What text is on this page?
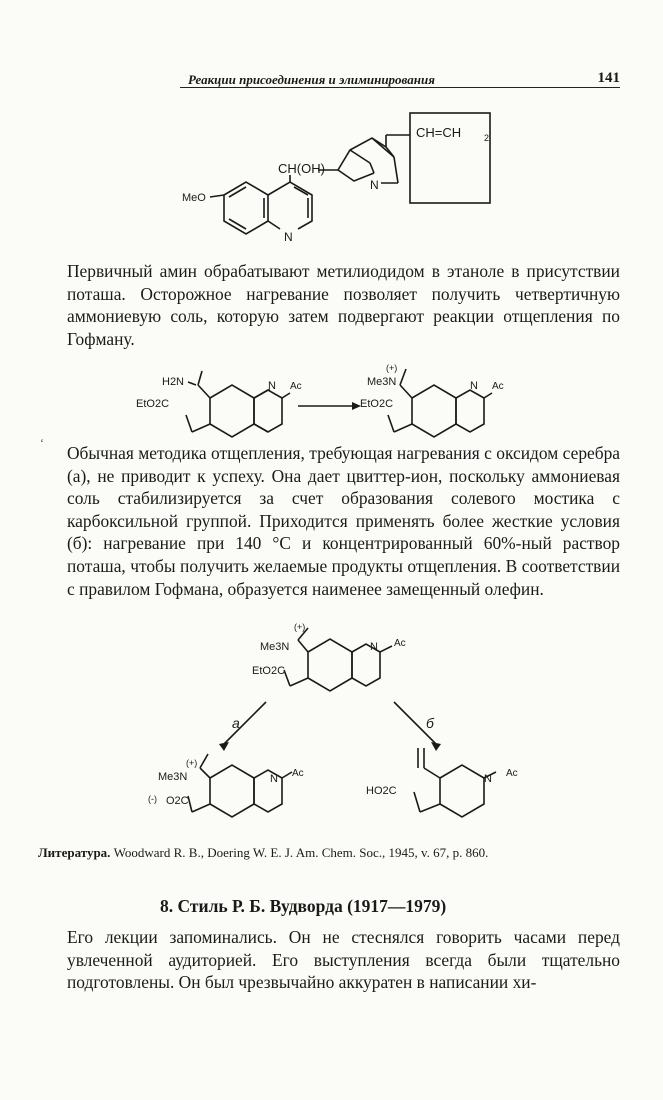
Реакции присоединения и элиминирования	141
CH=CH	2
CH(OH)
MeO
N
N

Первичный амин обрабатывают метилиодидом в этаноле в присутствии поташа. Осторожное нагревание позволяет получить четвертичную аммониевую соль, которую затем подвергают реакции отщепления по Гофману.

H2N
EtO2C
N Ac	Me3N
(+)
EtO2C
N Ac
‘ Обычная методика отщепления, требующая нагревания с оксидом серебра (а), не приводит к успеху. Она дает цвиттер-ион, поскольку аммониевая соль стабилизируется за счет образования солевого мостика с карбоксильной группой. Приходится применять более жесткие условия (б): нагревание при 140 °С и концентрированный 60%-ный раствор поташа, чтобы получить желаемые продукты отщепления. В соответствии с правилом Гофмана, образуется наименее замещенный олефин.

Me3N
(+)
EtO2C
N Ac
а	б
Me3N
(+)
(-) O2C
N Ac
HO2C
N Ac
Литература. Woodward R. B., Doering W. E. J. Am. Chem. Soc., 1945, v. 67, p. 860.
8. Стиль Р. Б. Вудворда (1917—1979)

Его лекции запоминались. Он не стеснялся говорить часами перед увлеченной аудиторией. Его выступления всегда были тщательно подготовлены. Он был чрезвычайно аккуратен в написании хи-
